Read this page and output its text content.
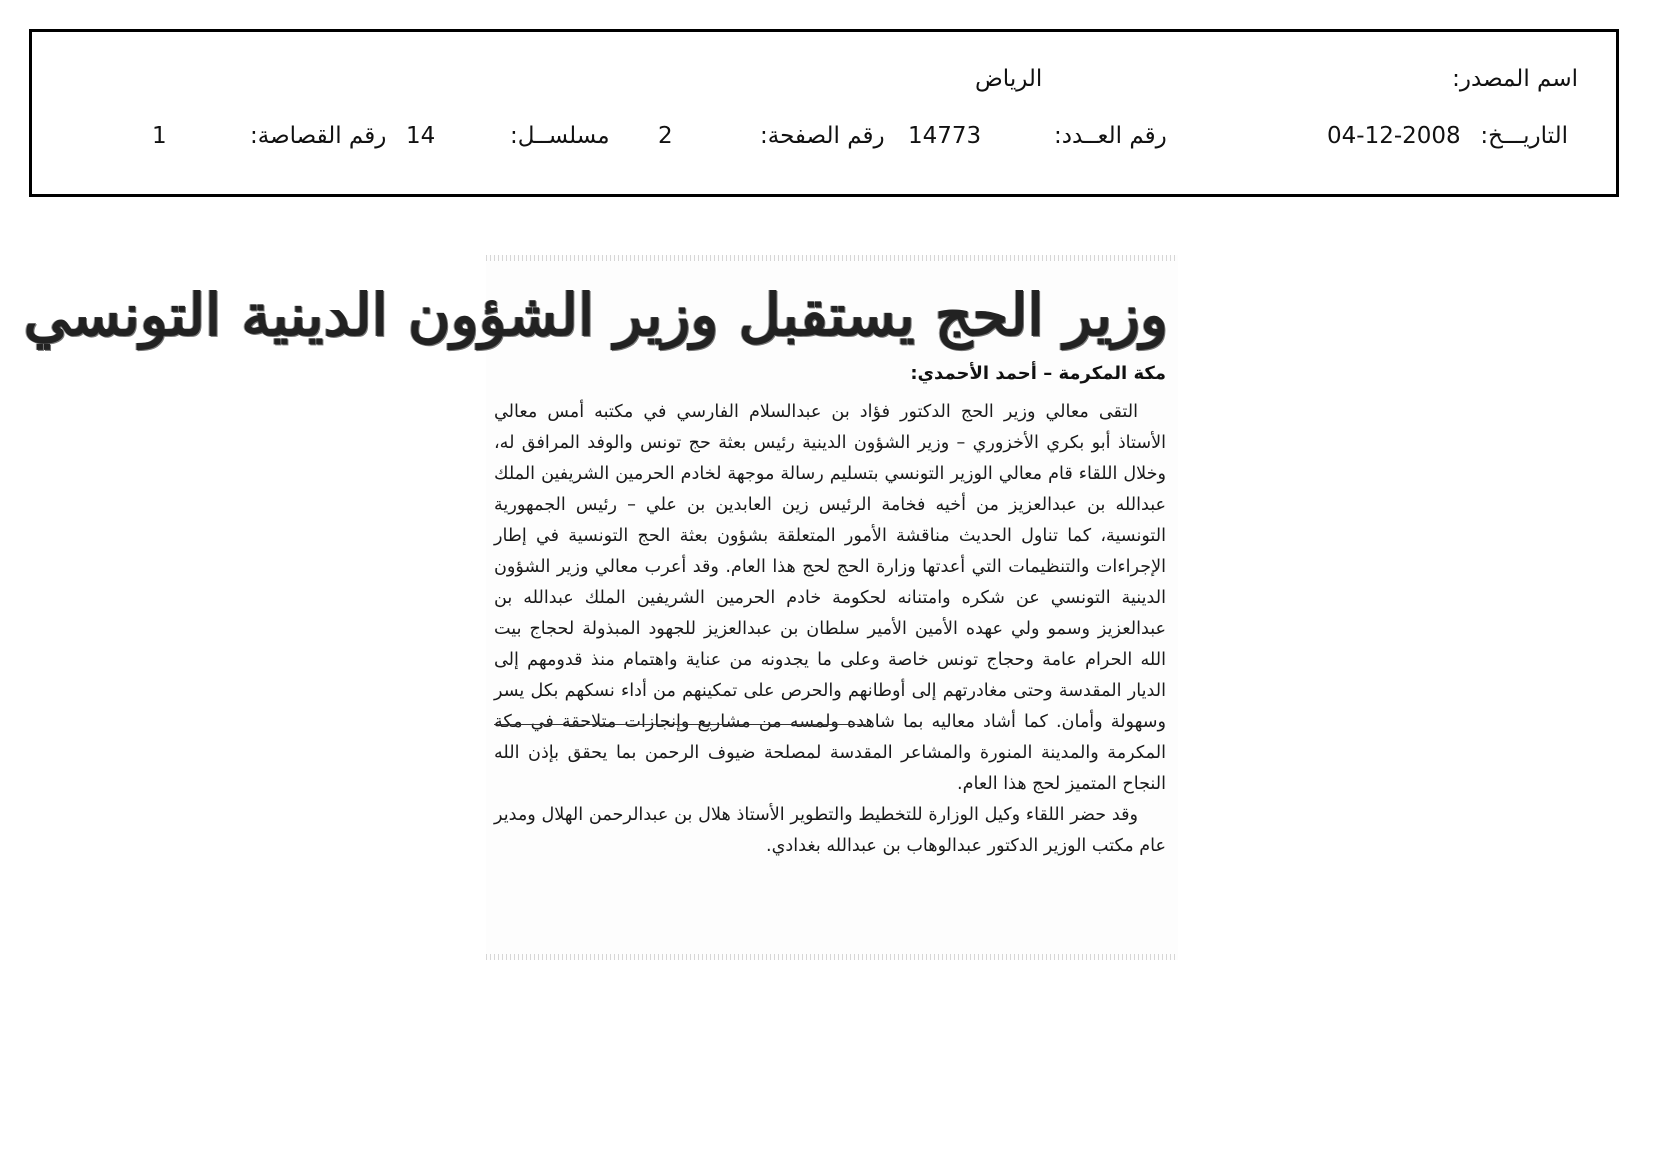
اسم المصدر:
الرياض
التاريـــخ:
04-12-2008
رقم العــدد:
14773
رقم الصفحة:
2
مسلســل:
14
رقم القصاصة:
1
وزير الحج يستقبل وزير الشؤون الدينية التونسي
مكة المكرمة – أحمد الأحمدي:

التقى معالي وزير الحج الدكتور فؤاد بن عبدالسلام الفارسي في مكتبه أمس معالي الأستاذ أبو بكري الأخزوري – وزير الشؤون الدينية رئيس بعثة حج تونس والوفد المرافق له، وخلال اللقاء قام معالي الوزير التونسي بتسليم رسالة موجهة لخادم الحرمين الشريفين الملك عبدالله بن عبدالعزيز من أخيه فخامة الرئيس زين العابدين بن علي – رئيس الجمهورية التونسية، كما تناول الحديث مناقشة الأمور المتعلقة بشؤون بعثة الحج التونسية في إطار الإجراءات والتنظيمات التي أعدتها وزارة الحج لحج هذا العام. وقد أعرب معالي وزير الشؤون الدينية التونسي عن شكره وامتنانه لحكومة خادم الحرمين الشريفين الملك عبدالله بن عبدالعزيز وسمو ولي عهده الأمين الأمير سلطان بن عبدالعزيز للجهود المبذولة لحجاج بيت الله الحرام عامة وحجاج تونس خاصة وعلى ما يجدونه من عناية واهتمام منذ قدومهم إلى الديار المقدسة وحتى مغادرتهم إلى أوطانهم والحرص على تمكينهم من أداء نسكهم بكل يسر وسهولة وأمان. كما أشاد معاليه بما شاهده ولمسه من مشاريع وإنجازات متلاحقة في مكة المكرمة والمدينة المنورة والمشاعر المقدسة لمصلحة ضيوف الرحمن بما يحقق بإذن الله النجاح المتميز لحج هذا العام.

وقد حضر اللقاء وكيل الوزارة للتخطيط والتطوير الأستاذ هلال بن عبدالرحمن الهلال ومدير عام مكتب الوزير الدكتور عبدالوهاب بن عبدالله بغدادي.
